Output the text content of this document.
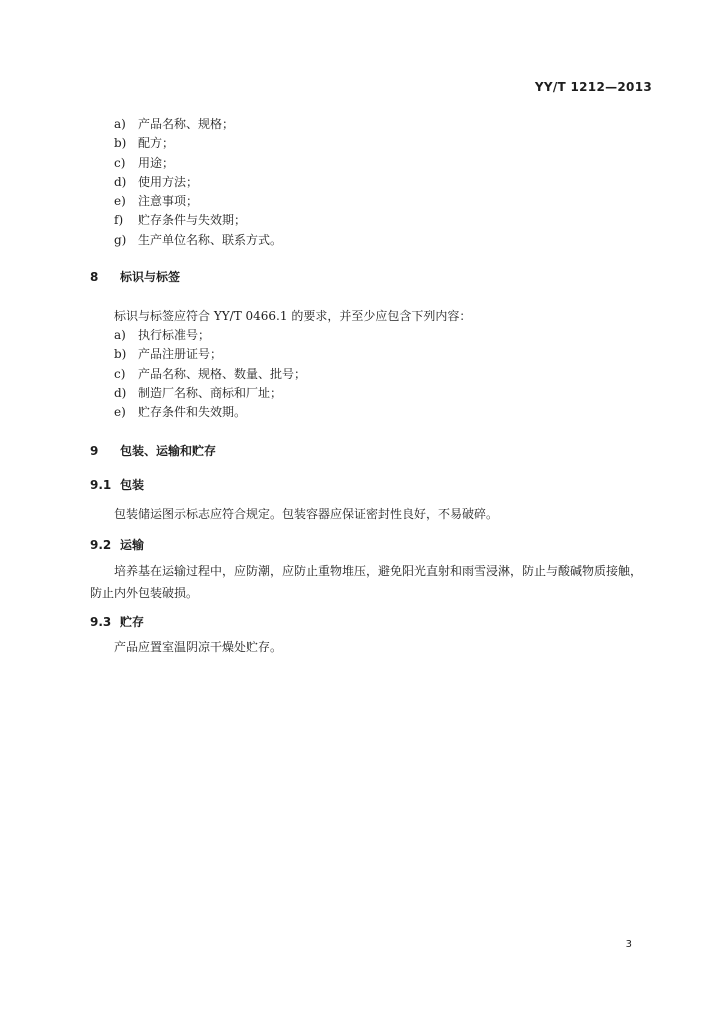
YY/T 1212—2013
a) 产品名称、规格；
b) 配方；
c) 用途；
d) 使用方法；
e) 注意事项；
f) 贮存条件与失效期；
g) 生产单位名称、联系方式。
8 标识与标签
标识与标签应符合 YY/T 0466.1 的要求，并至少应包含下列内容：
a) 执行标准号；
b) 产品注册证号；
c) 产品名称、规格、数量、批号；
d) 制造厂名称、商标和厂址；
e) 贮存条件和失效期。
9 包装、运输和贮存
9.1 包装
包装储运图示标志应符合规定。包装容器应保证密封性良好，不易破碎。
9.2 运输
培养基在运输过程中，应防潮，应防止重物堆压，避免阳光直射和雨雪浸淋，防止与酸碱物质接触，防止内外包装破损。
9.3 贮存
产品应置室温阴凉干燥处贮存。
3
